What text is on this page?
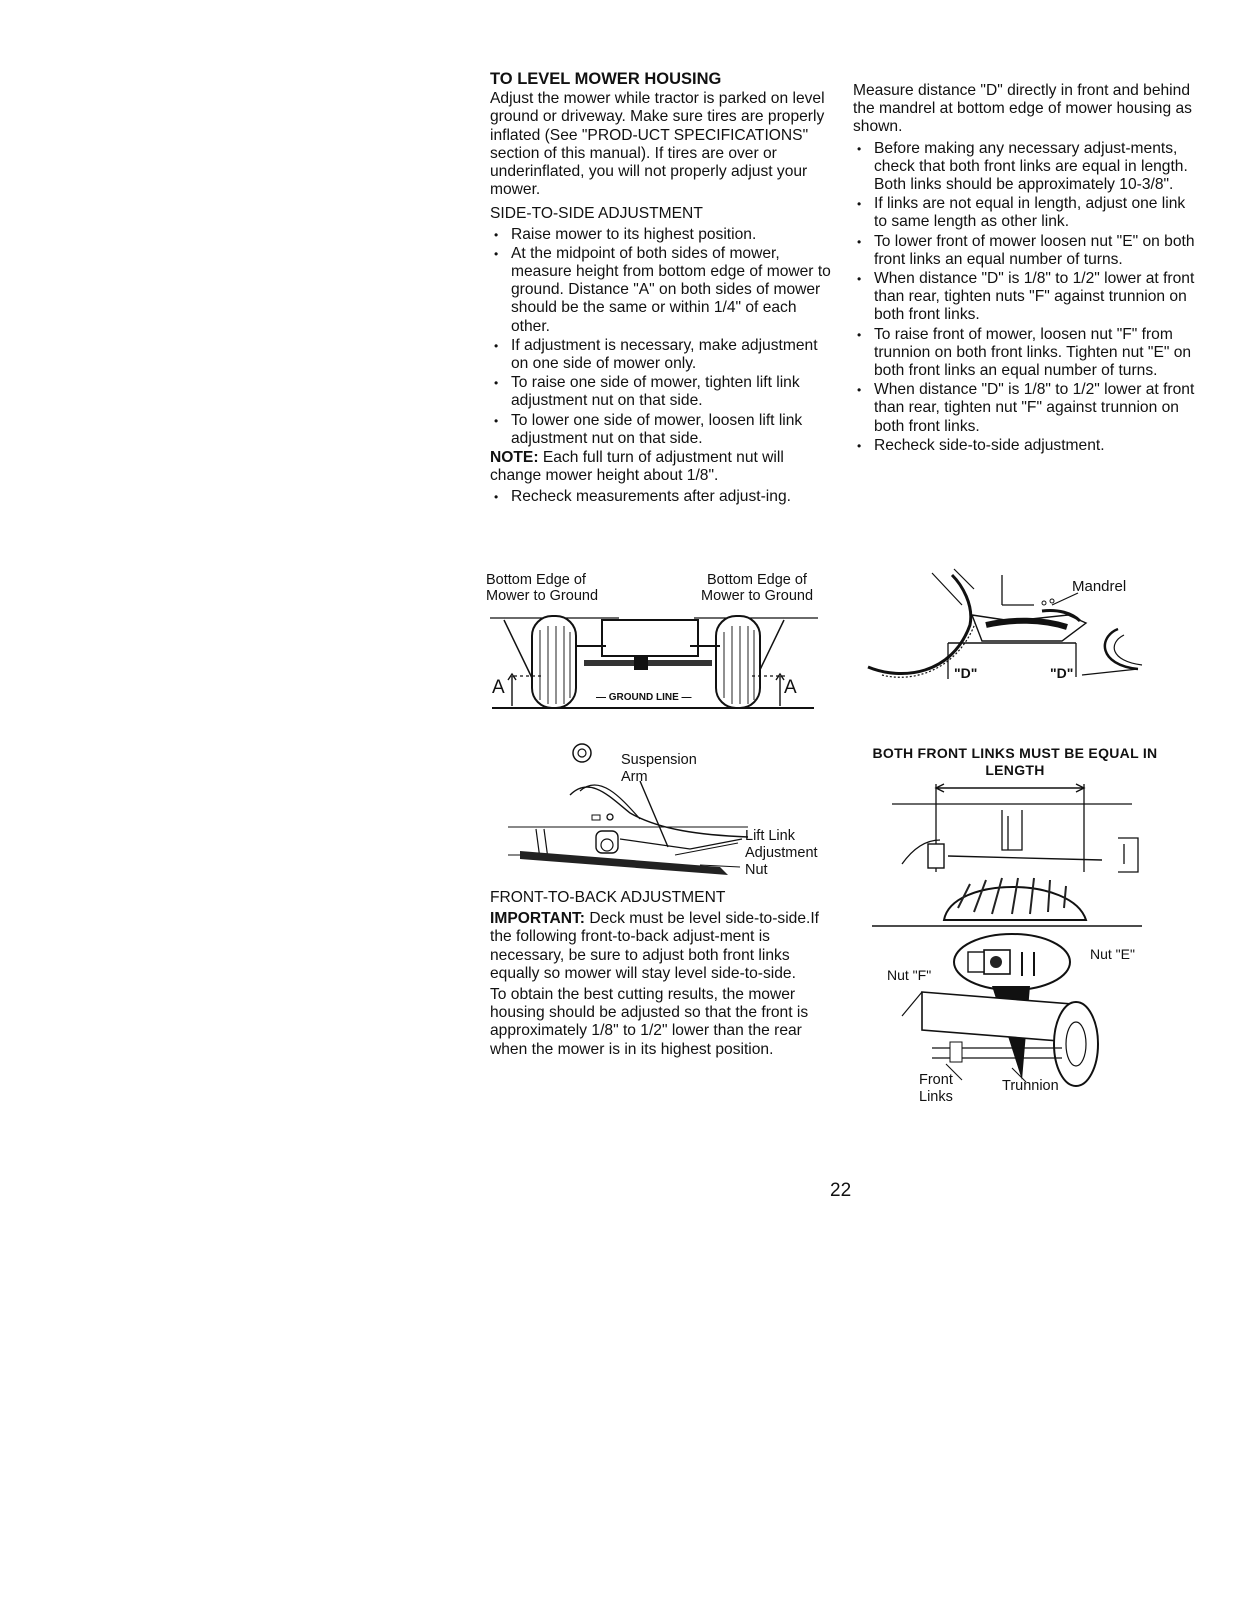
TO LEVEL MOWER HOUSING

Adjust the mower while tractor is parked on level ground or driveway. Make sure tires are properly inflated (See "PROD-UCT SPECIFICATIONS" section of this manual). If tires are over or underinflated, you will not properly adjust your mower.

SIDE-TO-SIDE ADJUSTMENT
• Raise mower to its highest position.
• At the midpoint of both sides of mower, measure height from bottom edge of mower to ground. Distance "A" on both sides of mower should be the same or within 1/4" of each other.
• If adjustment is necessary, make adjustment on one side of mower only.
• To raise one side of mower, tighten lift link adjustment nut on that side.
• To lower one side of mower, loosen lift link adjustment nut on that side.

NOTE: Each full turn of adjustment nut will change mower height about 1/8".

• Recheck measurements after adjust-ing.
Bottom Edge of Mower to Ground
Bottom Edge of Mower to Ground
A	A
— GROUND LINE —
Suspension Arm
Lift Link Adjustment Nut
FRONT-TO-BACK ADJUSTMENT

IMPORTANT: Deck must be level side-to-side.If the following front-to-back adjust-ment is necessary, be sure to adjust both front links equally so mower will stay level side-to-side.

To obtain the best cutting results, the mower housing should be adjusted so that the front is approximately 1/8" to 1/2" lower than the rear when the mower is in its highest position.

Measure distance "D" directly in front and behind the mandrel at bottom edge of mower housing as shown.

• Before making any necessary adjust-ments, check that both front links are equal in length. Both links should be approximately 10-3/8".
• If links are not equal in length, adjust one link to same length as other link.
• To lower front of mower loosen nut "E" on both front links an equal number of turns.
• When distance "D" is 1/8" to 1/2" lower at front than rear, tighten nuts "F" against trunnion on both front links.
• To raise front of mower, loosen nut "F" from trunnion on both front links. Tighten nut "E" on both front links an equal number of turns.
• When distance "D" is 1/8" to 1/2" lower at front than rear, tighten nut "F" against trunnion on both front links.
• Recheck side-to-side adjustment.
Mandrel
"D"	"D"
BOTH FRONT LINKS MUST BE EQUAL IN LENGTH
Nut "F"
Nut "E"
Front Links
Trunnion
22
